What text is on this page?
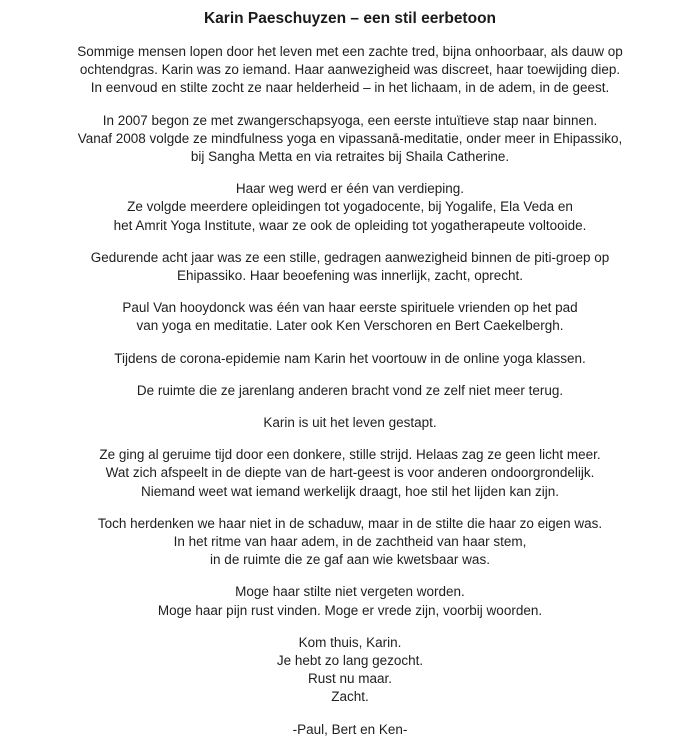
Karin Paeschuyzen – een stil eerbetoon
Sommige mensen lopen door het leven met een zachte tred, bijna onhoorbaar, als dauw op
ochtendgras. Karin was zo iemand. Haar aanwezigheid was discreet, haar toewijding diep.
In eenvoud en stilte zocht ze naar helderheid – in het lichaam, in de adem, in de geest.
In 2007 begon ze met zwangerschapsyoga, een eerste intuïtieve stap naar binnen.
Vanaf 2008 volgde ze mindfulness yoga en vipassanā-meditatie, onder meer in Ehipassiko,
bij Sangha Metta en via retraites bij Shaila Catherine.
Haar weg werd er één van verdieping.
Ze volgde meerdere opleidingen tot yogadocente, bij Yogalife, Ela Veda en
het Amrit Yoga Institute, waar ze ook de opleiding tot yogatherapeute voltooide.
Gedurende acht jaar was ze een stille, gedragen aanwezigheid binnen de piti-groep op
Ehipassiko. Haar beoefening was innerlijk, zacht, oprecht.
Paul Van hooydonck was één van haar eerste spirituele vrienden op het pad
van yoga en meditatie. Later ook Ken Verschoren en Bert Caekelbergh.
Tijdens de corona-epidemie nam Karin het voortouw in de online yoga klassen.
De ruimte die ze jarenlang anderen bracht vond ze zelf niet meer terug.
Karin is uit het leven gestapt.
Ze ging al geruime tijd door een donkere, stille strijd. Helaas zag ze geen licht meer.
Wat zich afspeelt in de diepte van de hart-geest is voor anderen ondoorgrondelijk.
Niemand weet wat iemand werkelijk draagt, hoe stil het lijden kan zijn.
Toch herdenken we haar niet in de schaduw, maar in de stilte die haar zo eigen was.
In het ritme van haar adem, in de zachtheid van haar stem,
in de ruimte die ze gaf aan wie kwetsbaar was.
Moge haar stilte niet vergeten worden.
Moge haar pijn rust vinden. Moge er vrede zijn, voorbij woorden.
Kom thuis, Karin.
Je hebt zo lang gezocht.
Rust nu maar.
Zacht.
-Paul, Bert en Ken-
